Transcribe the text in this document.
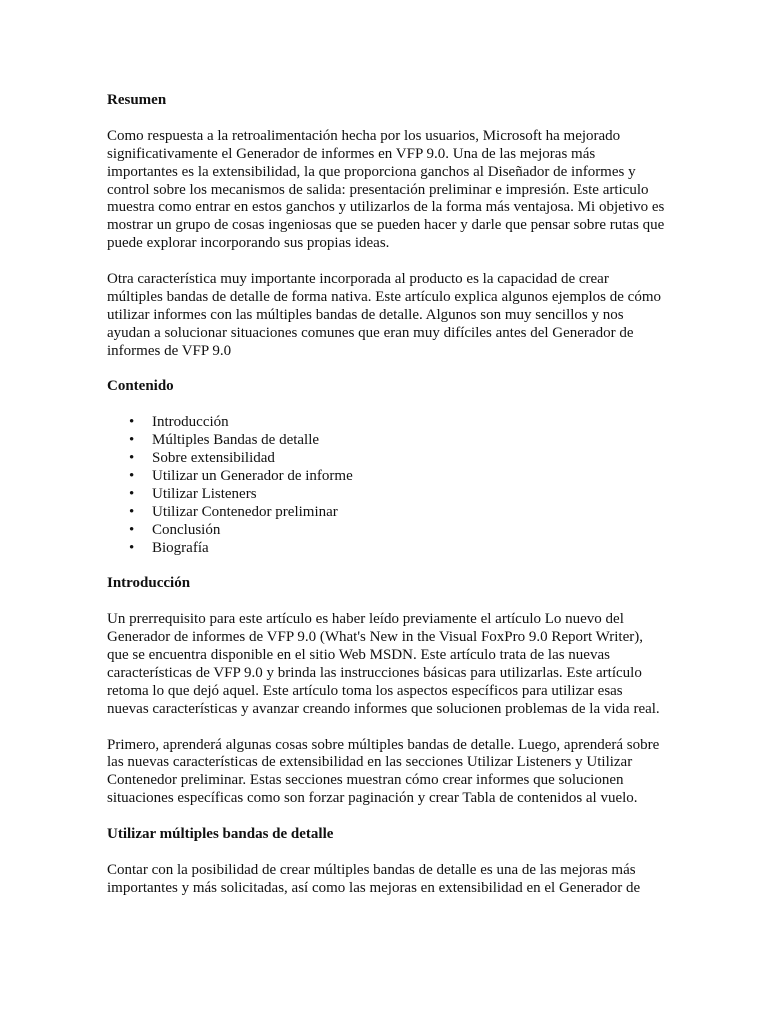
Resumen

Como respuesta a la retroalimentación hecha por los usuarios, Microsoft ha mejorado significativamente el Generador de informes en VFP 9.0. Una de las mejoras más importantes es la extensibilidad, la que proporciona ganchos al Diseñador de informes y control sobre los mecanismos de salida: presentación preliminar e impresión. Este articulo muestra como entrar en estos ganchos y utilizarlos de la forma más ventajosa. Mi objetivo es mostrar un grupo de cosas ingeniosas que se pueden hacer y darle que pensar sobre rutas que puede explorar incorporando sus propias ideas.

Otra característica muy importante incorporada al producto es la capacidad de crear múltiples bandas de detalle de forma nativa. Este artículo explica algunos ejemplos de cómo utilizar informes con las múltiples bandas de detalle. Algunos son muy sencillos y nos ayudan a solucionar situaciones comunes que eran muy difíciles antes del Generador de informes de VFP 9.0

Contenido
• Introducción
• Múltiples Bandas de detalle
• Sobre extensibilidad
• Utilizar un Generador de informe
• Utilizar Listeners
• Utilizar Contenedor preliminar
• Conclusión
• Biografía
Introducción

Un prerrequisito para este artículo es haber leído previamente el artículo Lo nuevo del Generador de informes de VFP 9.0 (What's New in the Visual FoxPro 9.0 Report Writer), que se encuentra disponible en el sitio Web MSDN. Este artículo trata de las nuevas características de VFP 9.0 y brinda las instrucciones básicas para utilizarlas. Este artículo retoma lo que dejó aquel. Este artículo toma los aspectos específicos para utilizar esas nuevas características y avanzar creando informes que solucionen problemas de la vida real.

Primero, aprenderá algunas cosas sobre múltiples bandas de detalle. Luego, aprenderá sobre las nuevas características de extensibilidad en las secciones Utilizar Listeners y Utilizar Contenedor preliminar. Estas secciones muestran cómo crear informes que solucionen situaciones específicas como son forzar paginación y crear Tabla de contenidos al vuelo.

Utilizar múltiples bandas de detalle

Contar con la posibilidad de crear múltiples bandas de detalle es una de las mejoras más importantes y más solicitadas, así como las mejoras en extensibilidad en el Generador de
